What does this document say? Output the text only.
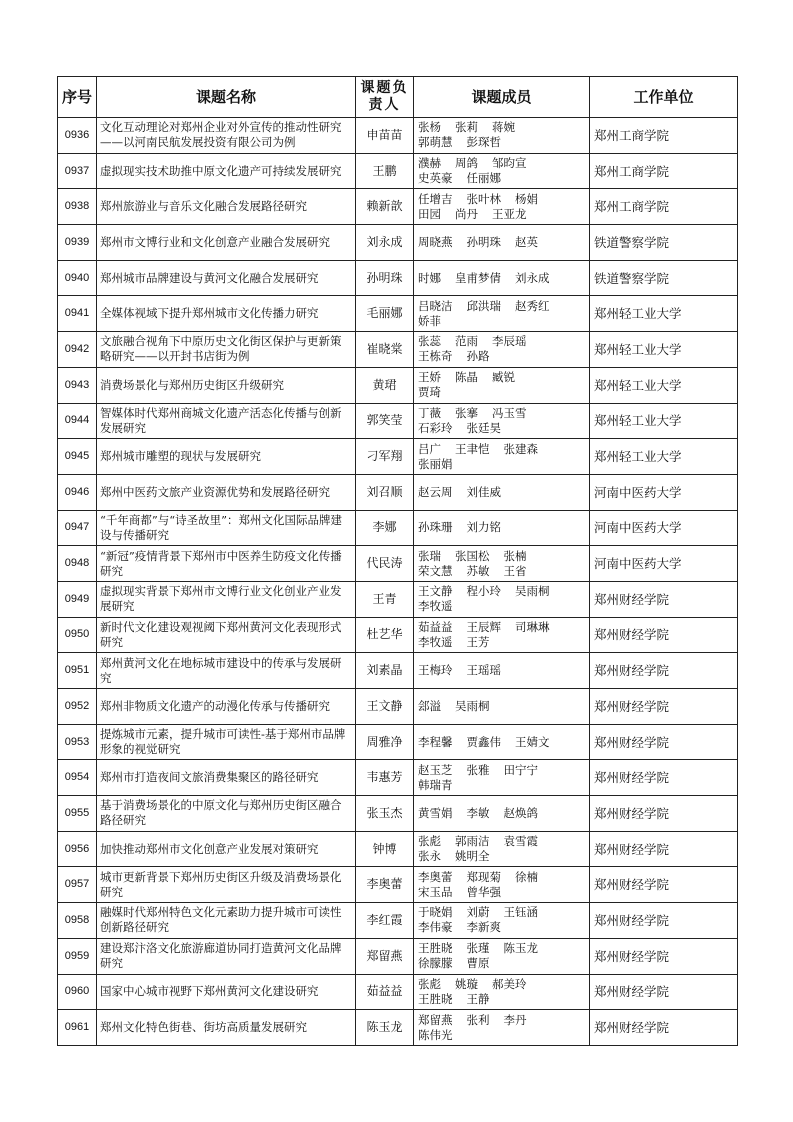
序号	课题名称	课题负责人	课题成员	工作单位
0936	文化互动理论对郑州企业对外宣传的推动性研究——以河南民航发展投资有限公司为例	申苗苗	张杨 张莉 蒋婉
郭萌慧 彭琛哲	郑州工商学院
0937	虚拟现实技术助推中原文化遗产可持续发展研究	王鹏	濮赫 周鸽 邹昀宣
史英豪 任丽娜	郑州工商学院
0938	郑州旅游业与音乐文化融合发展路径研究	赖新歆	任增吉 张叶林 杨娟
田园 尚丹 王亚龙	郑州工商学院
0939	郑州市文博行业和文化创意产业融合发展研究	刘永成	周晓燕 孙明珠 赵英	铁道警察学院
0940	郑州城市品牌建设与黄河文化融合发展研究	孙明珠	时娜 皇甫梦倩 刘永成	铁道警察学院
0941	全媒体视域下提升郑州城市文化传播力研究	毛丽娜	吕晓洁 邱洪瑞 赵秀红
娇菲	郑州轻工业大学
0942	文旅融合视角下中原历史文化街区保护与更新策略研究——以开封书店街为例	崔晓棠	张蕊 范雨 李辰瑶
王栋奇 孙路	郑州轻工业大学
0943	消费场景化与郑州历史街区升级研究	黄珺	王娇 陈晶 臧锐
贾琦	郑州轻工业大学
0944	智媒体时代郑州商城文化遗产活态化传播与创新发展研究	郭笑莹	丁薇 张搴 冯玉雪
石彩玲 张廷昊	郑州轻工业大学
0945	郑州城市雕塑的现状与发展研究	刁军翔	吕广 王聿恺 张建森
张丽娟	郑州轻工业大学
0946	郑州中医药文旅产业资源优势和发展路径研究	刘召顺	赵云周 刘佳威	河南中医药大学
0947	“千年商都”与“诗圣故里”：郑州文化国际品牌建设与传播研究	李娜	孙珠珊 刘力铭	河南中医药大学
0948	“新冠”疫情背景下郑州市中医养生防疫文化传播研究	代民涛	张瑞 张国松 张楠
荣文慧 苏敏 王省	河南中医药大学
0949	虚拟现实背景下郑州市文博行业文化创业产业发展研究	王青	王文静 程小玲 吴雨桐
李牧遥	郑州财经学院
0950	新时代文化建设观视阈下郑州黄河文化表现形式研究	杜艺华	茹益益 王辰辉 司琳琳
李牧遥 王芳	郑州财经学院
0951	郑州黄河文化在地标城市建设中的传承与发展研究	刘素晶	王梅玲 王瑶瑶	郑州财经学院
0952	郑州非物质文化遗产的动漫化传承与传播研究	王文静	郐溢 吴雨桐	郑州财经学院
0953	提炼城市元素，提升城市可读性-基于郑州市品牌形象的视觉研究	周雅净	李程馨 贾鑫伟 王婧文	郑州财经学院
0954	郑州市打造夜间文旅消费集聚区的路径研究	韦惠芳	赵玉芝 张雅 田宁宁
韩瑞青	郑州财经学院
0955	基于消费场景化的中原文化与郑州历史街区融合路径研究	张玉杰	黄雪娟 李敏 赵焕鸽	郑州财经学院
0956	加快推动郑州市文化创意产业发展对策研究	钟博	张彪 郭雨洁 袁雪霞
张永 姚明全	郑州财经学院
0957	城市更新背景下郑州历史街区升级及消费场景化研究	李奥蕾	李奥蕾 郑现菊 徐楠
宋玉品 曾华强	郑州财经学院
0958	融媒时代郑州特色文化元素助力提升城市可读性创新路径研究	李红霞	于晓娟 刘蔚 王钰涵
李伟豪 李新爽	郑州财经学院
0959	建设郑汴洛文化旅游廊道协同打造黄河文化品牌研究	郑留燕	王胜晓 张瑾 陈玉龙
徐朦朦 曹原	郑州财经学院
0960	国家中心城市视野下郑州黄河文化建设研究	茹益益	张彪 姚璇 郝美玲
王胜晓 王静	郑州财经学院
0961	郑州文化特色街巷、街坊高质量发展研究	陈玉龙	郑留燕 张利 李丹
陈伟光	郑州财经学院
